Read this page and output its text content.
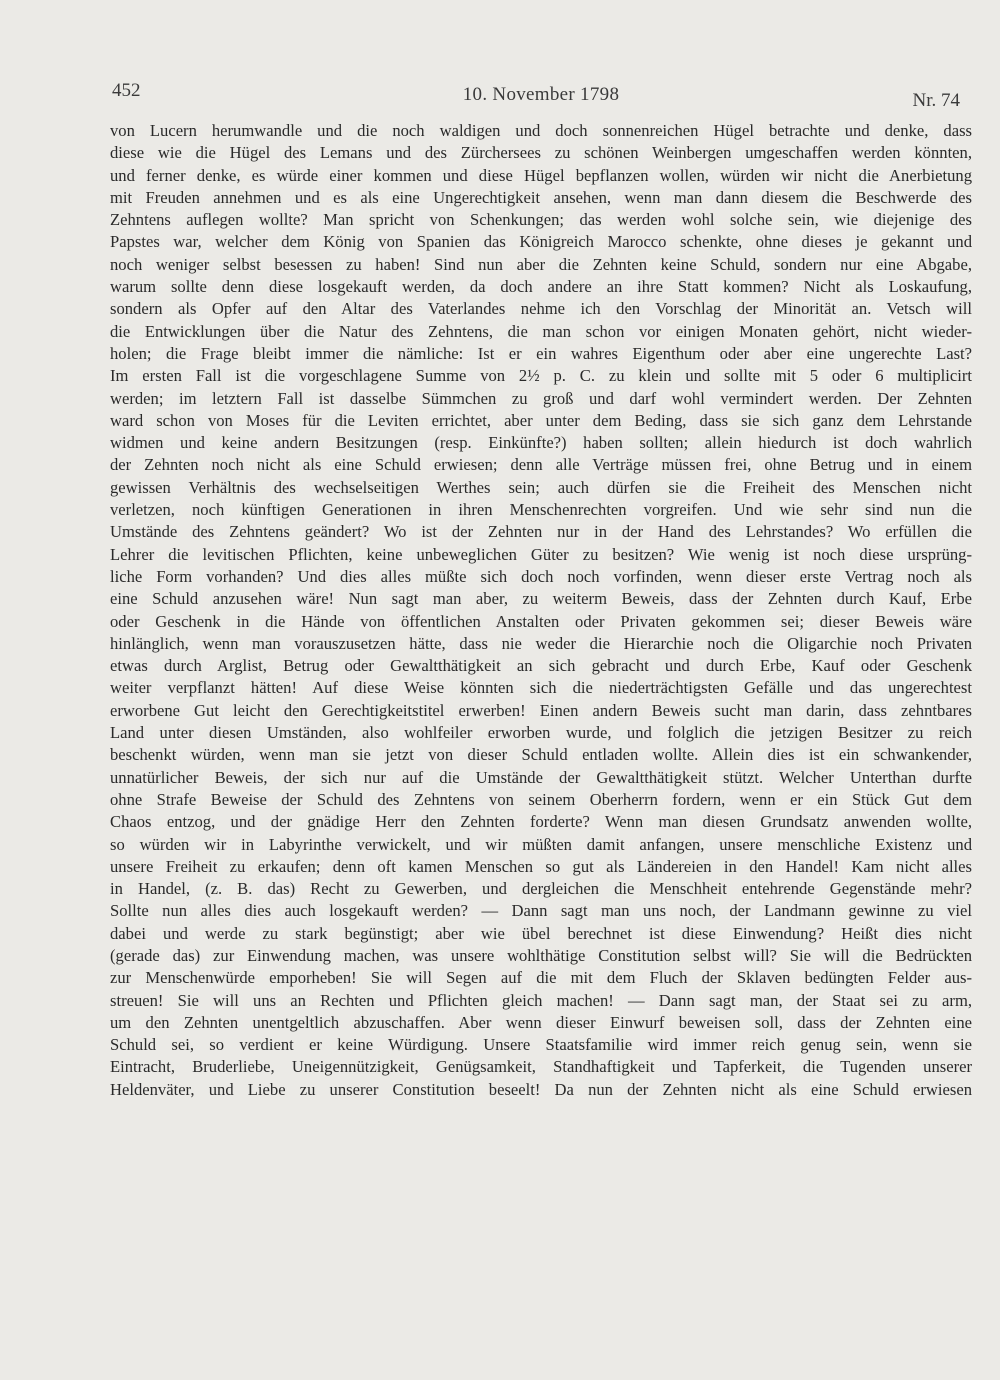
452	10. November 1798	Nr. 74
von Lucern herumwandle und die noch waldigen und doch sonnenreichen Hügel betrachte und denke, dass
diese wie die Hügel des Lemans und des Zürchersees zu schönen Weinbergen umgeschaffen werden könnten,
und ferner denke, es würde einer kommen und diese Hügel bepflanzen wollen, würden wir nicht die Anerbietung
mit Freuden annehmen und es als eine Ungerechtigkeit ansehen, wenn man dann diesem die Beschwerde des
Zehntens auflegen wollte? Man spricht von Schenkungen; das werden wohl solche sein, wie diejenige des
Papstes war, welcher dem König von Spanien das Königreich Marocco schenkte, ohne dieses je gekannt und
noch weniger selbst besessen zu haben! Sind nun aber die Zehnten keine Schuld, sondern nur eine Abgabe,
warum sollte denn diese losgekauft werden, da doch andere an ihre Statt kommen? Nicht als Loskaufung,
sondern als Opfer auf den Altar des Vaterlandes nehme ich den Vorschlag der Minorität an. Vetsch will
die Entwicklungen über die Natur des Zehntens, die man schon vor einigen Monaten gehört, nicht wieder-
holen; die Frage bleibt immer die nämliche: Ist er ein wahres Eigenthum oder aber eine ungerechte Last?
Im ersten Fall ist die vorgeschlagene Summe von 2½ p. C. zu klein und sollte mit 5 oder 6 multiplicirt
werden; im letztern Fall ist dasselbe Sümmchen zu groß und darf wohl vermindert werden. Der Zehnten
ward schon von Moses für die Leviten errichtet, aber unter dem Beding, dass sie sich ganz dem Lehrstande
widmen und keine andern Besitzungen (resp. Einkünfte?) haben sollten; allein hiedurch ist doch wahrlich
der Zehnten noch nicht als eine Schuld erwiesen; denn alle Verträge müssen frei, ohne Betrug und in einem
gewissen Verhältnis des wechselseitigen Werthes sein; auch dürfen sie die Freiheit des Menschen nicht
verletzen, noch künftigen Generationen in ihren Menschenrechten vorgreifen. Und wie sehr sind nun die
Umstände des Zehntens geändert? Wo ist der Zehnten nur in der Hand des Lehrstandes? Wo erfüllen die
Lehrer die levitischen Pflichten, keine unbeweglichen Güter zu besitzen? Wie wenig ist noch diese ursprüng-
liche Form vorhanden? Und dies alles müßte sich doch noch vorfinden, wenn dieser erste Vertrag noch als
eine Schuld anzusehen wäre! Nun sagt man aber, zu weiterm Beweis, dass der Zehnten durch Kauf, Erbe
oder Geschenk in die Hände von öffentlichen Anstalten oder Privaten gekommen sei; dieser Beweis wäre
hinlänglich, wenn man vorauszusetzen hätte, dass nie weder die Hierarchie noch die Oligarchie noch Privaten
etwas durch Arglist, Betrug oder Gewaltthätigkeit an sich gebracht und durch Erbe, Kauf oder Geschenk
weiter verpflanzt hätten! Auf diese Weise könnten sich die niederträchtigsten Gefälle und das ungerechtest
erworbene Gut leicht den Gerechtigkeitstitel erwerben! Einen andern Beweis sucht man darin, dass zehntbares
Land unter diesen Umständen, also wohlfeiler erworben wurde, und folglich die jetzigen Besitzer zu reich
beschenkt würden, wenn man sie jetzt von dieser Schuld entladen wollte. Allein dies ist ein schwankender,
unnatürlicher Beweis, der sich nur auf die Umstände der Gewaltthätigkeit stützt. Welcher Unterthan durfte
ohne Strafe Beweise der Schuld des Zehntens von seinem Oberherrn fordern, wenn er ein Stück Gut dem
Chaos entzog, und der gnädige Herr den Zehnten forderte? Wenn man diesen Grundsatz anwenden wollte,
so würden wir in Labyrinthe verwickelt, und wir müßten damit anfangen, unsere menschliche Existenz und
unsere Freiheit zu erkaufen; denn oft kamen Menschen so gut als Ländereien in den Handel! Kam nicht alles
in Handel, (z. B. das) Recht zu Gewerben, und dergleichen die Menschheit entehrende Gegenstände mehr?
Sollte nun alles dies auch losgekauft werden? — Dann sagt man uns noch, der Landmann gewinne zu viel
dabei und werde zu stark begünstigt; aber wie übel berechnet ist diese Einwendung? Heißt dies nicht
(gerade das) zur Einwendung machen, was unsere wohlthätige Constitution selbst will? Sie will die Bedrückten
zur Menschenwürde emporheben! Sie will Segen auf die mit dem Fluch der Sklaven bedüngten Felder aus-
streuen! Sie will uns an Rechten und Pflichten gleich machen! — Dann sagt man, der Staat sei zu arm,
um den Zehnten unentgeltlich abzuschaffen. Aber wenn dieser Einwurf beweisen soll, dass der Zehnten eine
Schuld sei, so verdient er keine Würdigung. Unsere Staatsfamilie wird immer reich genug sein, wenn sie
Eintracht, Bruderliebe, Uneigennützigkeit, Genügsamkeit, Standhaftigkeit und Tapferkeit, die Tugenden unserer
Heldenväter, und Liebe zu unserer Constitution beseelt! Da nun der Zehnten nicht als eine Schuld erwiesen
